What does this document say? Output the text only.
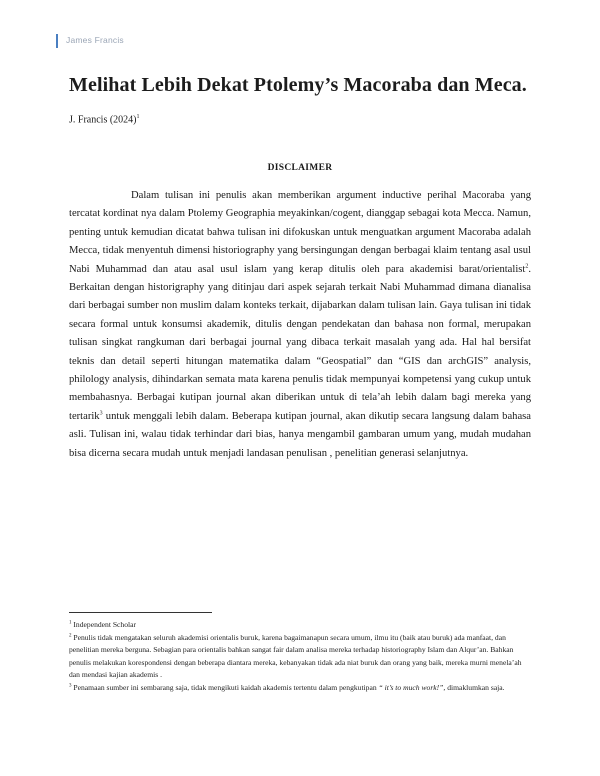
James Francis
Melihat Lebih Dekat Ptolemy’s Macoraba dan Meca.
J. Francis $(2024)^1$
DISCLAIMER

Dalam tulisan ini penulis akan memberikan argument inductive perihal Macoraba yang tercatat kordinat nya dalam Ptolemy Geographia meyakinkan/cogent, dianggap sebagai kota Mecca. Namun, penting untuk kemudian dicatat bahwa tulisan ini difokuskan untuk menguatkan argument Macoraba adalah Mecca, tidak menyentuh dimensi historiography yang bersingungan dengan berbagai klaim tentang asal usul Nabi Muhammad dan atau asal usul islam yang kerap ditulis oleh para akademisi barat/orientalist$^2$. Berkaitan dengan historigraphy yang ditinjau dari aspek sejarah terkait Nabi Muhammad dimana dianalisa dari berbagai sumber non muslim dalam konteks terkait, dijabarkan dalam tulisan lain. Gaya tulisan ini tidak secara formal untuk konsumsi akademik, ditulis dengan pendekatan dan bahasa non formal, merupakan tulisan singkat rangkuman dari berbagai journal yang dibaca terkait masalah yang ada. Hal hal bersifat teknis dan detail seperti hitungan matematika dalam “Geospatial” dan “GIS dan archGIS” analysis, philology analysis, dihindarkan semata mata karena penulis tidak mempunyai kompetensi yang cukup untuk membahasnya. Berbagai kutipan journal akan diberikan untuk di tela’ah lebih dalam bagi mereka yang tertarik$^3$ untuk menggali lebih dalam. Beberapa kutipan journal, akan dikutip secara langsung dalam bahasa asli. Tulisan ini, walau tidak terhindar dari bias, hanya mengambil gambaran umum yang, mudah mudahan bisa dicerna secara mudah untuk menjadi landasan penulisan , penelitian generasi selanjutnya.

$^1$ Independent Scholar
$^2$ Penulis tidak mengatakan seluruh akademisi orientalis buruk, karena bagaimanapun secara umum, ilmu itu (baik atau buruk) ada manfaat, dan penelitian mereka berguna. Sebagian para orientalis bahkan sangat fair dalam analisa mereka terhadap historiography Islam dan Alqur’an. Bahkan penulis melakukan korespondensi dengan beberapa diantara mereka, kebanyakan tidak ada niat buruk dan orang yang baik, mereka murni menela’ah dan mendasi kajian akademis .
$^3$ Penamaan sumber ini sembarang saja, tidak mengikuti kaidah akademis tertentu dalam pengkutipan “ it’s to much work!”, dimaklumkan saja.
